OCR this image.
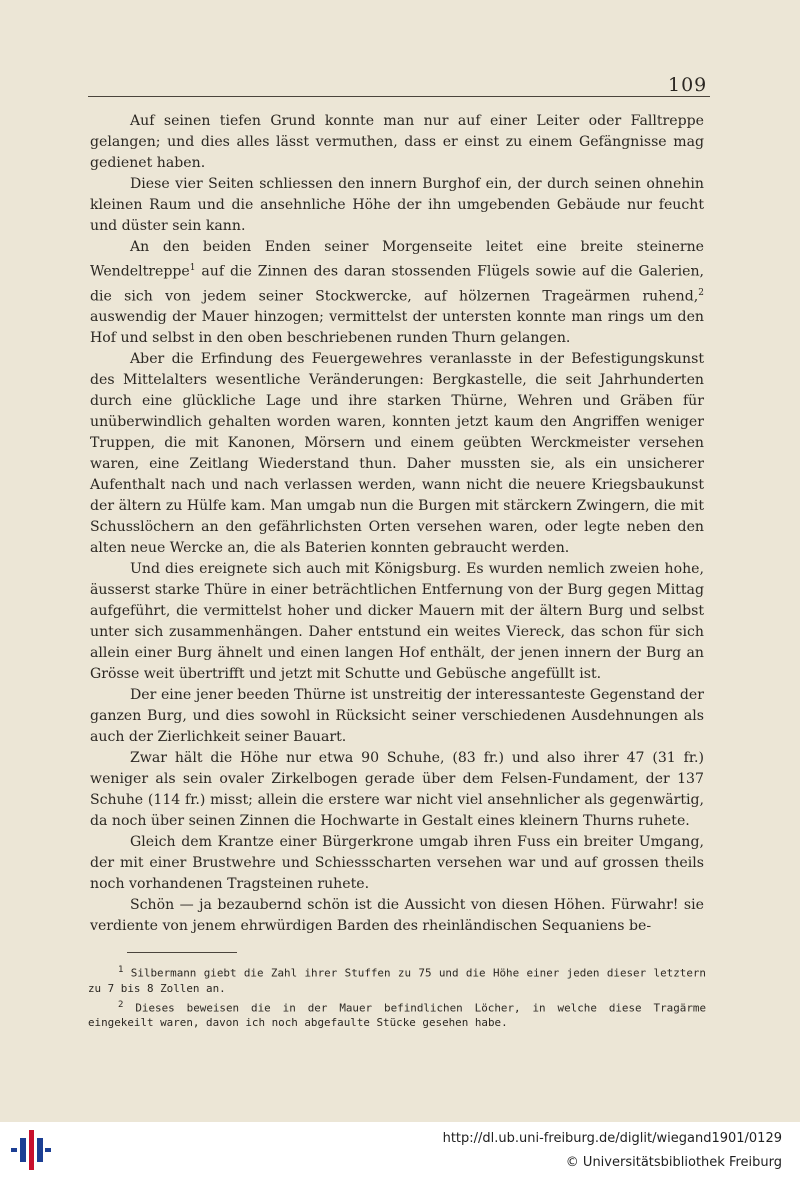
109

Auf seinen tiefen Grund konnte man nur auf einer Leiter oder Falltreppe gelangen; und dies alles lässt vermuthen, dass er einst zu einem Gefängnisse mag gedienet haben.

Diese vier Seiten schliessen den innern Burghof ein, der durch seinen ohnehin kleinen Raum und die ansehnliche Höhe der ihn umgebenden Gebäude nur feucht und düster sein kann.

An den beiden Enden seiner Morgenseite leitet eine breite steinerne Wendeltreppe$^1$ auf die Zinnen des daran stossenden Flügels sowie auf die Galerien, die sich von jedem seiner Stockwercke, auf hölzernen Trageärmen ruhend,$^2$ auswendig der Mauer hinzogen; vermittelst der untersten konnte man rings um den Hof und selbst in den oben beschriebenen runden Thurn gelangen.

Aber die Erfindung des Feuergewehres veranlasste in der Befestigungskunst des Mittelalters wesentliche Veränderungen: Bergkastelle, die seit Jahrhunderten durch eine glückliche Lage und ihre starken Thürne, Wehren und Gräben für unüberwindlich gehalten worden waren, konnten jetzt kaum den Angriffen weniger Truppen, die mit Kanonen, Mörsern und einem geübten Werckmeister versehen waren, eine Zeitlang Wiederstand thun. Daher mussten sie, als ein unsicherer Aufenthalt nach und nach verlassen werden, wann nicht die neuere Kriegsbaukunst der ältern zu Hülfe kam. Man umgab nun die Burgen mit stärckern Zwingern, die mit Schusslöchern an den gefährlichsten Orten versehen waren, oder legte neben den alten neue Wercke an, die als Baterien konnten gebraucht werden.

Und dies ereignete sich auch mit Königsburg. Es wurden nemlich zweien hohe, äusserst starke Thüre in einer beträchtlichen Entfernung von der Burg gegen Mittag aufgeführt, die vermittelst hoher und dicker Mauern mit der ältern Burg und selbst unter sich zusammenhängen. Daher entstund ein weites Viereck, das schon für sich allein einer Burg ähnelt und einen langen Hof enthält, der jenen innern der Burg an Grösse weit übertrifft und jetzt mit Schutte und Gebüsche angefüllt ist.

Der eine jener beeden Thürne ist unstreitig der interessanteste Gegenstand der ganzen Burg, und dies sowohl in Rücksicht seiner verschiedenen Ausdehnungen als auch der Zierlichkeit seiner Bauart.

Zwar hält die Höhe nur etwa 90 Schuhe, (83 fr.) und also ihrer 47 (31 fr.) weniger als sein ovaler Zirkelbogen gerade über dem Felsen-Fundament, der 137 Schuhe (114 fr.) misst; allein die erstere war nicht viel ansehnlicher als gegenwärtig, da noch über seinen Zinnen die Hochwarte in Gestalt eines kleinern Thurns ruhete.

Gleich dem Krantze einer Bürgerkrone umgab ihren Fuss ein breiter Umgang, der mit einer Brustwehre und Schiessscharten versehen war und auf grossen theils noch vorhandenen Tragsteinen ruhete.

Schön — ja bezaubernd schön ist die Aussicht von diesen Höhen. Fürwahr! sie verdiente von jenem ehrwürdigen Barden des rheinländischen Sequaniens be-

$^1$ Silbermann giebt die Zahl ihrer Stuffen zu 75 und die Höhe einer jeden dieser letztern zu 7 bis 8 Zollen an.

$^2$ Dieses beweisen die in der Mauer befindlichen Löcher, in welche diese Tragärme eingekeilt waren, davon ich noch abgefaulte Stücke gesehen habe.

http://dl.ub.uni-freiburg.de/diglit/wiegand1901/0129
© Universitätsbibliothek Freiburg
